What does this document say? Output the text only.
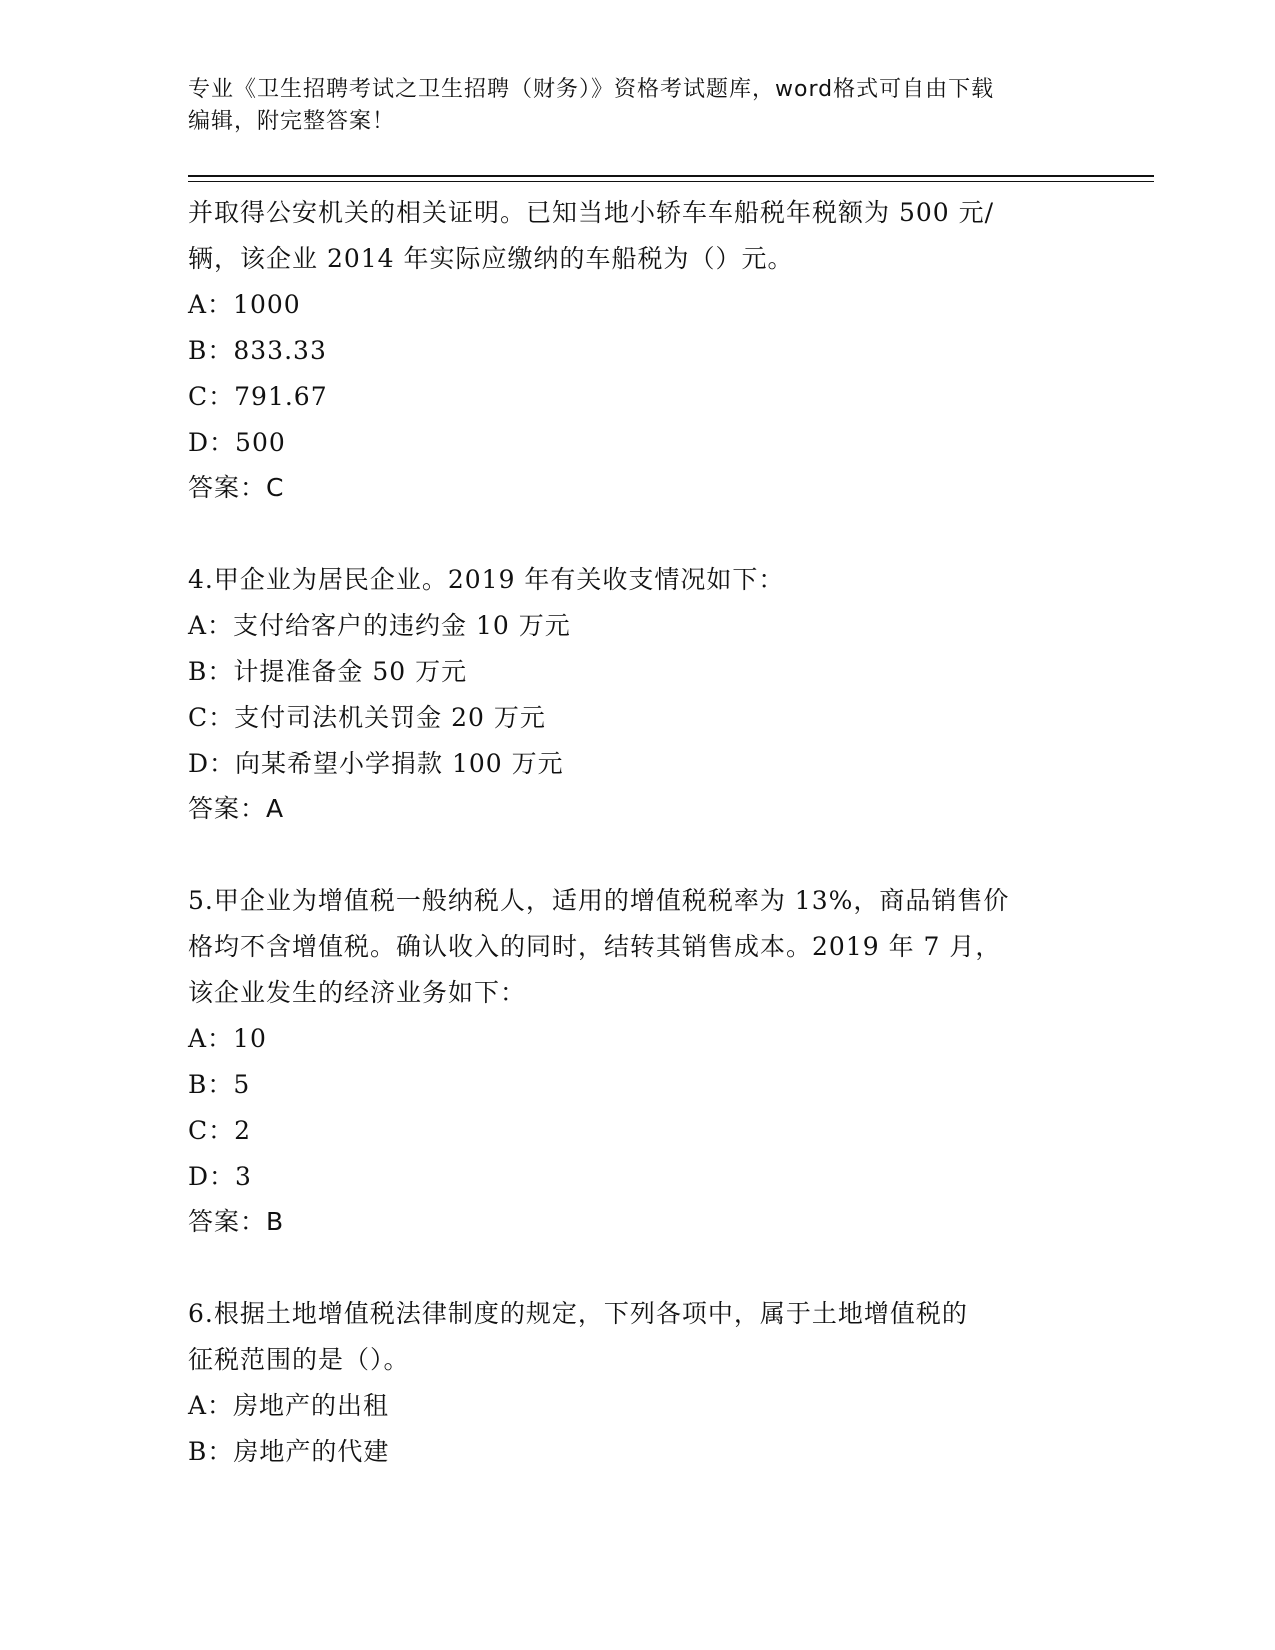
专业《卫生招聘考试之卫生招聘（财务）》资格考试题库，word格式可自由下载
编辑，附完整答案！
并取得公安机关的相关证明。已知当地小轿车车船税年税额为 500 元/
辆，该企业 2014 年实际应缴纳的车船税为（）元。
A：1000
B：833.33
C：791.67
D：500
答案：C
4.甲企业为居民企业。2019 年有关收支情况如下：
A：支付给客户的违约金 10 万元
B：计提准备金 50 万元
C：支付司法机关罚金 20 万元
D：向某希望小学捐款 100 万元
答案：A
5.甲企业为增值税一般纳税人，适用的增值税税率为 13%，商品销售价
格均不含增值税。确认收入的同时，结转其销售成本。2019 年 7 月，
该企业发生的经济业务如下：
A：10
B：5
C：2
D：3
答案：B
6.根据土地增值税法律制度的规定，下列各项中，属于土地增值税的
征税范围的是（）。
A：房地产的出租
B：房地产的代建
